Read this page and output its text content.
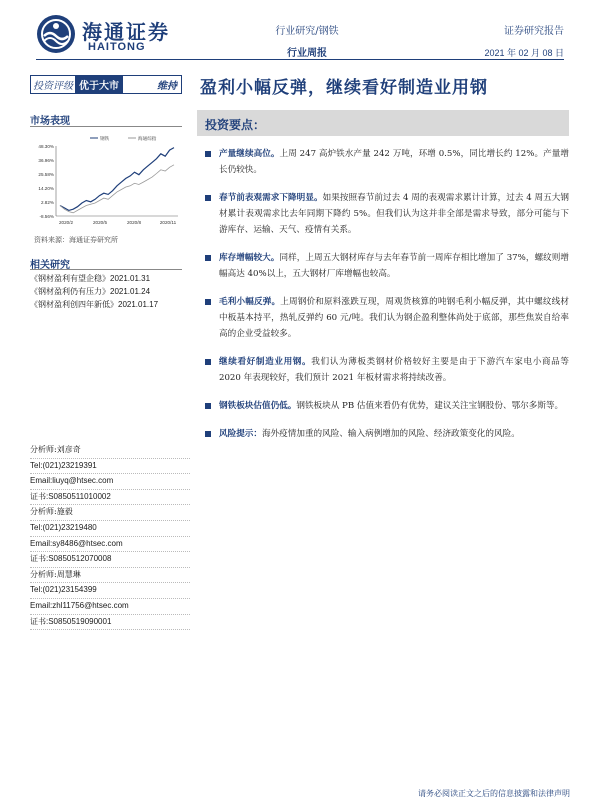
海通证券
HAITONG
行业研究/钢铁
行业周报
证券研究报告
2021 年 02 月 08 日
投资评级 优于大市	维持 盈利小幅反弹，继续看好制造业用钢
市场表现
48.30%
36.96%
25.58%
14.20%
2.82%
-8.56%
2020/2	2020/5	2020/8	2020/11
钢铁	海通综指
资料来源：海通证券研究所
相关研究
《钢材盈利有望企稳》2021.01.31
《钢材盈利仍有压力》2021.01.24
《钢材盈利创四年新低》2021.01.17
分析师:刘彦奇
Tel:(021)23219391
Email:liuyq@htsec.com
证书:S0850511010002
分析师:施毅
Tel:(021)23219480
Email:sy8486@htsec.com
证书:S0850512070008
分析师:周慧琳
Tel:(021)23154399
Email:zhl11756@htsec.com
证书:S0850519090001
投资要点：
产量继续高位。上周 247 高炉铁水产量 242 万吨，环增 0.5%，同比增长约 12%。产量增长仍较快。
春节前表观需求下降明显。如果按照春节前过去 4 周的表观需求累计计算，过去 4 周五大钢材累计表观需求比去年同期下降约 5%。但我们认为这并非全部是需求导致，部分可能与下游库存、运输、天气、疫情有关系。
库存增幅较大。同样，上周五大钢材库存与去年春节前一周库存相比增加了 37%，螺纹则增幅高达 40%以上，五大钢材厂库增幅也较高。
毛利小幅反弹。上周钢价和原料涨跌互现，周观货核算的吨钢毛利小幅反弹，其中螺纹线材中板基本持平，热轧反弹约 60 元/吨。我们认为钢企盈利整体尚处于底部，那些焦炭自给率高的企业受益较多。
继续看好制造业用钢。我们认为薄板类钢材价格较好主要是由于下游汽车家电小商品等 2020 年表现较好，我们预计 2021 年板材需求将持续改善。
钢铁板块估值仍低。钢铁板块从 PB 估值来看仍有优势，建议关注宝钢股份、鄂尔多斯等。
风险提示：海外疫情加重的风险、输入病例增加的风险、经济政策变化的风险。
请务必阅读正文之后的信息披露和法律声明
